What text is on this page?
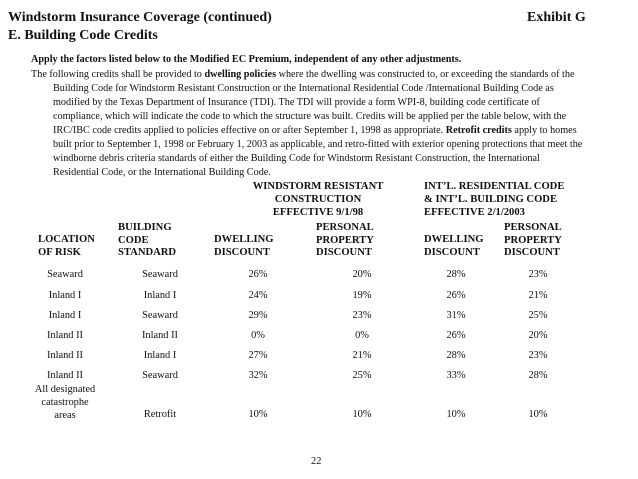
Windstorm Insurance Coverage (continued)	Exhibit G
E. Building Code Credits
Apply the factors listed below to the Modified EC Premium, independent of any other adjustments.
The following credits shall be provided to dwelling policies where the dwelling was constructed to, or exceeding the standards of the
Building Code for Windstorm Resistant Construction or the International Residential Code /International Building Code as
modified by the Texas Department of Insurance (TDI). The TDI will provide a form WPI-8, building code certificate of
compliance, which will indicate the code to which the structure was built. Credits will be applied per the table below, with the
IRC/IBC code credits applied to policies effective on or after September 1, 1998 as appropriate. Retrofit credits apply to homes
built prior to September 1, 1998 or February 1, 2003 as applicable, and retro-fitted with exterior opening protections that meet the
windborne debris criteria standards of either the Building Code for Windstorm Resistant Construction, the International
Residential Code, or the International Building Code.
WINDSTORM RESISTANT
CONSTRUCTION
EFFECTIVE 9/1/98
INT’L. RESIDENTIAL CODE
& INT’L. BUILDING CODE
EFFECTIVE 2/1/2003
LOCATION
OF RISK
BUILDING
CODE
STANDARD
DWELLING
DISCOUNT
PERSONAL
PROPERTY
DISCOUNT
DWELLING
DISCOUNT
PERSONAL
PROPERTY
DISCOUNT
Seaward	Seaward	26%	20%	28%	23%
Inland I	Inland I	24%	19%	26%	21%
Inland I	Seaward	29%	23%	31%	25%
Inland II	Inland II	0%	0%	26%	20%
Inland II	Inland I	27%	21%	28%	23%
Inland II	Seaward	32%	25%	33%	28%
All designated
catastrophe
areas	Retrofit	10%	10%	10%	10%
22
